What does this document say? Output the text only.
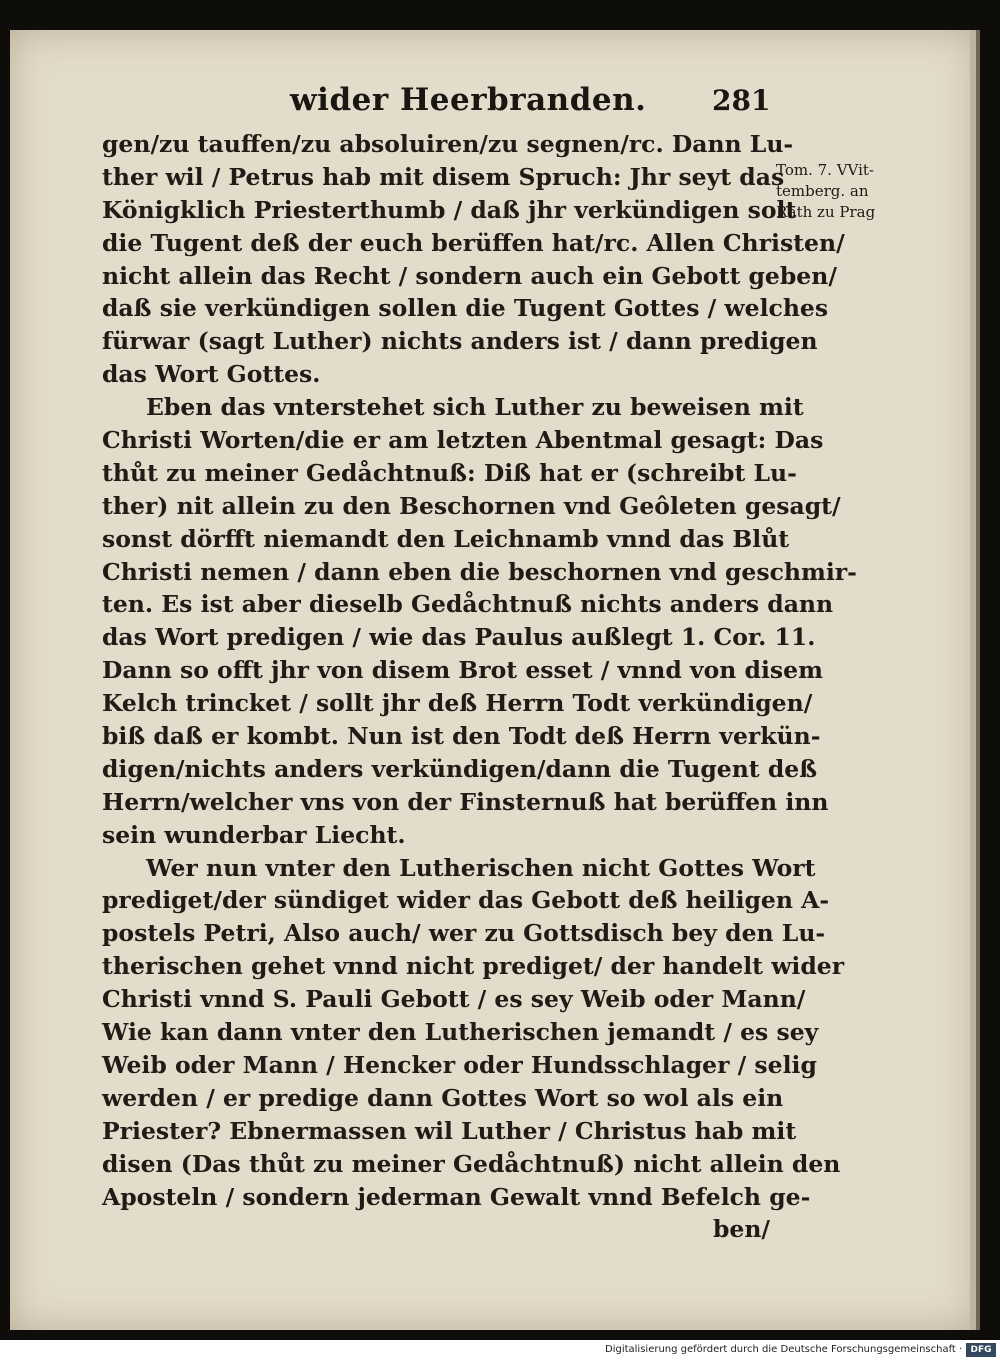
wider Heerbranden. 281
gen/zu tauffen/zu absoluiren/zu segnen/rc. Dann Lu-
ther wil / Petrus hab mit disem Spruch: Jhr seyt das
Königklich Priesterthumb / daß jhr verkündigen solt
die Tugent deß der euch berüffen hat/rc. Allen Christen/
nicht allein das Recht / sondern auch ein Gebott geben/
daß sie verkündigen sollen die Tugent Gottes / welches
fürwar (sagt Luther) nichts anders ist / dann predigen
das Wort Gottes.
Eben das vnterstehet sich Luther zu beweisen mit
Christi Worten/die er am letzten Abentmal gesagt: Das
thůt zu meiner Gedåchtnuß: Diß hat er (schreibt Lu-
ther) nit allein zu den Beschornen vnd Geôleten gesagt/
sonst dörfft niemandt den Leichnamb vnnd das Blůt
Christi nemen / dann eben die beschornen vnd geschmir-
ten. Es ist aber dieselb Gedåchtnuß nichts anders dann
das Wort predigen / wie das Paulus außlegt 1. Cor. 11.
Dann so offt jhr von disem Brot esset / vnnd von disem
Kelch trincket / sollt jhr deß Herrn Todt verkündigen/
biß daß er kombt. Nun ist den Todt deß Herrn verkün-
digen/nichts anders verkündigen/dann die Tugent deß
Herrn/welcher vns von der Finsternuß hat berüffen inn
sein wunderbar Liecht.
Wer nun vnter den Lutherischen nicht Gottes Wort
prediget/der sündiget wider das Gebott deß heiligen A-
postels Petri, Also auch/ wer zu Gottsdisch bey den Lu-
therischen gehet vnnd nicht prediget/ der handelt wider
Christi vnnd S. Pauli Gebott / es sey Weib oder Mann/
Wie kan dann vnter den Lutherischen jemandt / es sey
Weib oder Mann / Hencker oder Hundsschlager / selig
werden / er predige dann Gottes Wort so wol als ein
Priester? Ebnermassen wil Luther / Christus hab mit
disen (Das thůt zu meiner Gedåchtnuß) nicht allein den
Aposteln / sondern jederman Gewalt vnnd Befelch ge-
ben/
Tom. 7. VVit-
temberg. an
Rath zu Prag
Digitalisierung gefördert durch die Deutsche Forschungsgemeinschaft · DFG
